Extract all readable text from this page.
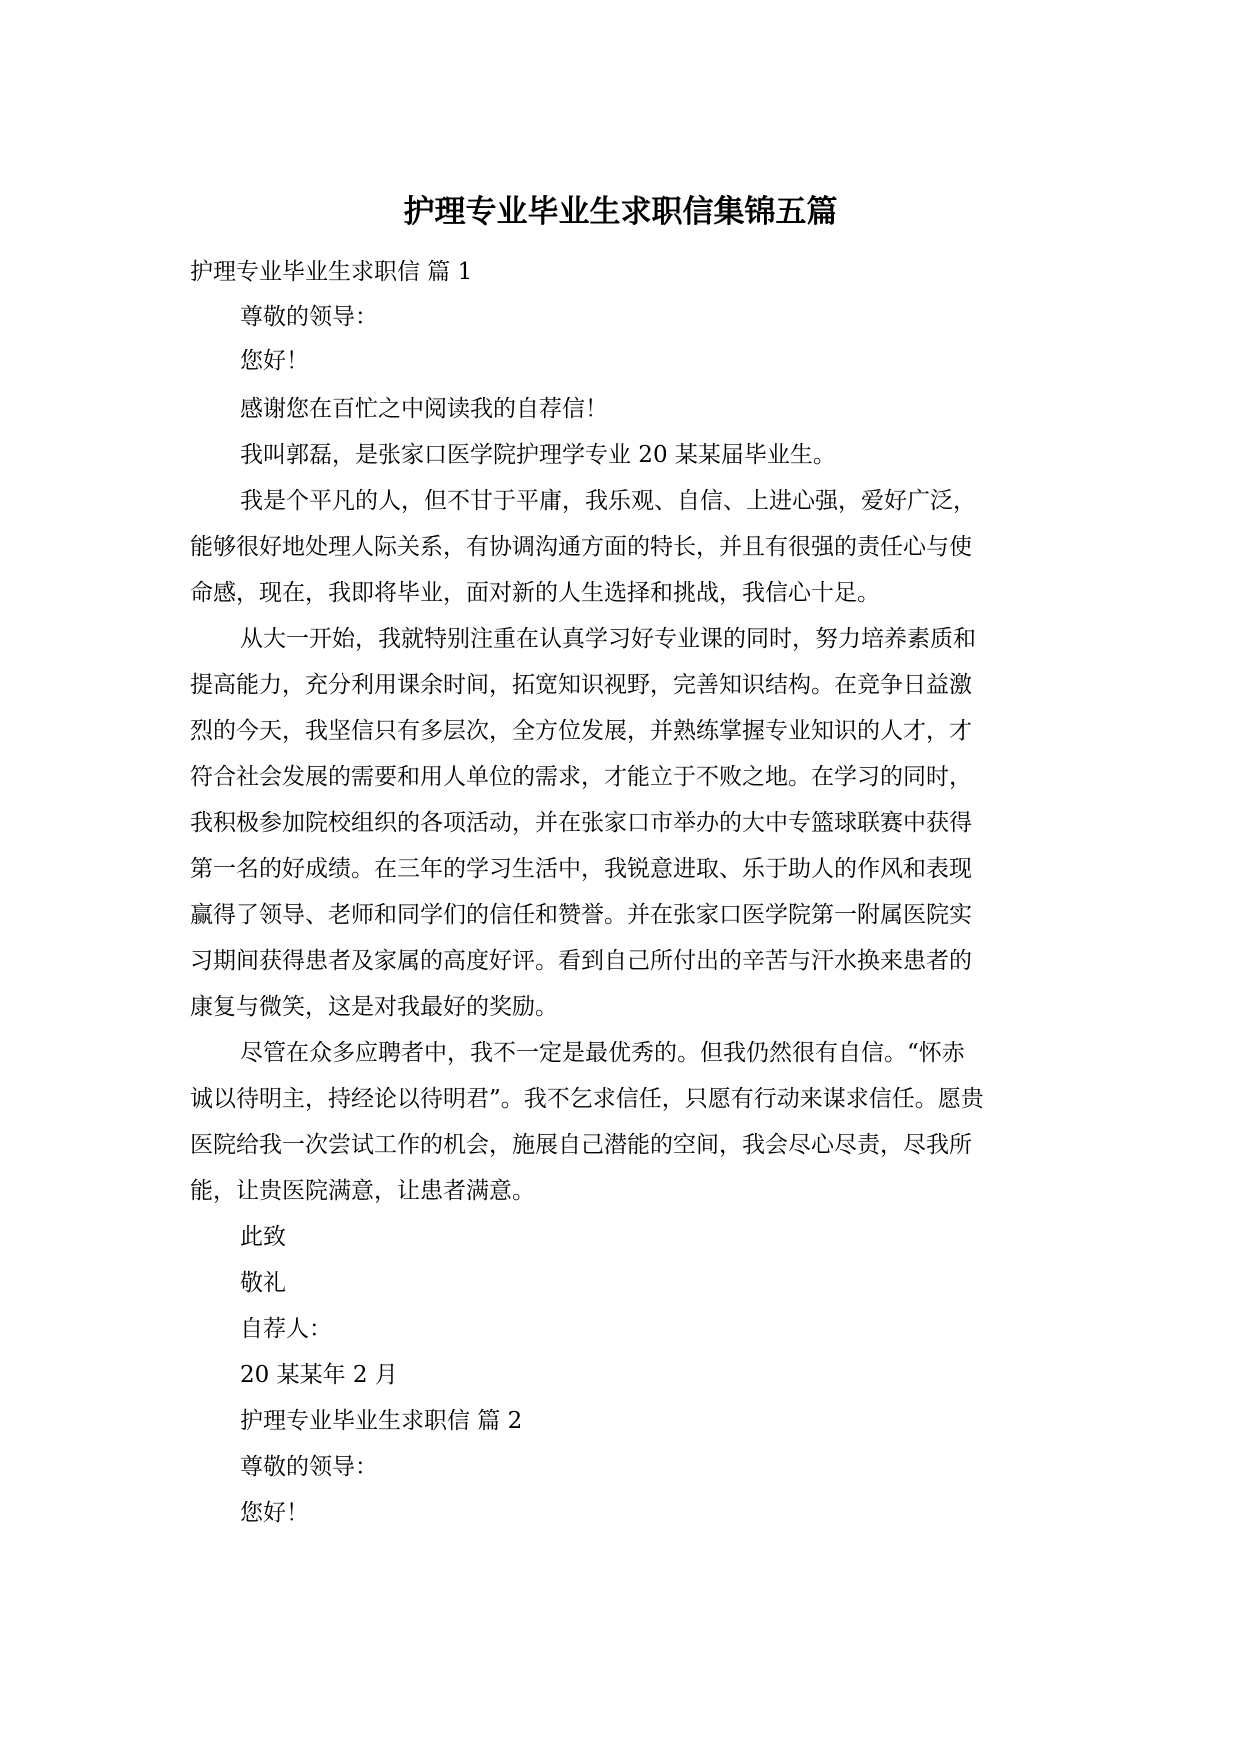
护理专业毕业生求职信集锦五篇

护理专业毕业生求职信 篇 1

尊敬的领导：

您好！

感谢您在百忙之中阅读我的自荐信！

我叫郭磊，是张家口医学院护理学专业 20 某某届毕业生。

我是个平凡的人，但不甘于平庸，我乐观、自信、上进心强，爱好广泛，

能够很好地处理人际关系，有协调沟通方面的特长，并且有很强的责任心与使

命感，现在，我即将毕业，面对新的人生选择和挑战，我信心十足。

从大一开始，我就特别注重在认真学习好专业课的同时，努力培养素质和

提高能力，充分利用课余时间，拓宽知识视野，完善知识结构。在竞争日益激

烈的今天，我坚信只有多层次，全方位发展，并熟练掌握专业知识的人才，才

符合社会发展的需要和用人单位的需求，才能立于不败之地。在学习的同时，

我积极参加院校组织的各项活动，并在张家口市举办的大中专篮球联赛中获得

第一名的好成绩。在三年的学习生活中，我锐意进取、乐于助人的作风和表现

赢得了领导、老师和同学们的信任和赞誉。并在张家口医学院第一附属医院实

习期间获得患者及家属的高度好评。看到自己所付出的辛苦与汗水换来患者的

康复与微笑，这是对我最好的奖励。

尽管在众多应聘者中，我不一定是最优秀的。但我仍然很有自信。“怀赤

诚以待明主，持经论以待明君”。我不乞求信任，只愿有行动来谋求信任。愿贵

医院给我一次尝试工作的机会，施展自己潜能的空间，我会尽心尽责，尽我所

能，让贵医院满意，让患者满意。

此致

敬礼

自荐人：

20 某某年 2 月

护理专业毕业生求职信 篇 2

尊敬的领导：

您好！
